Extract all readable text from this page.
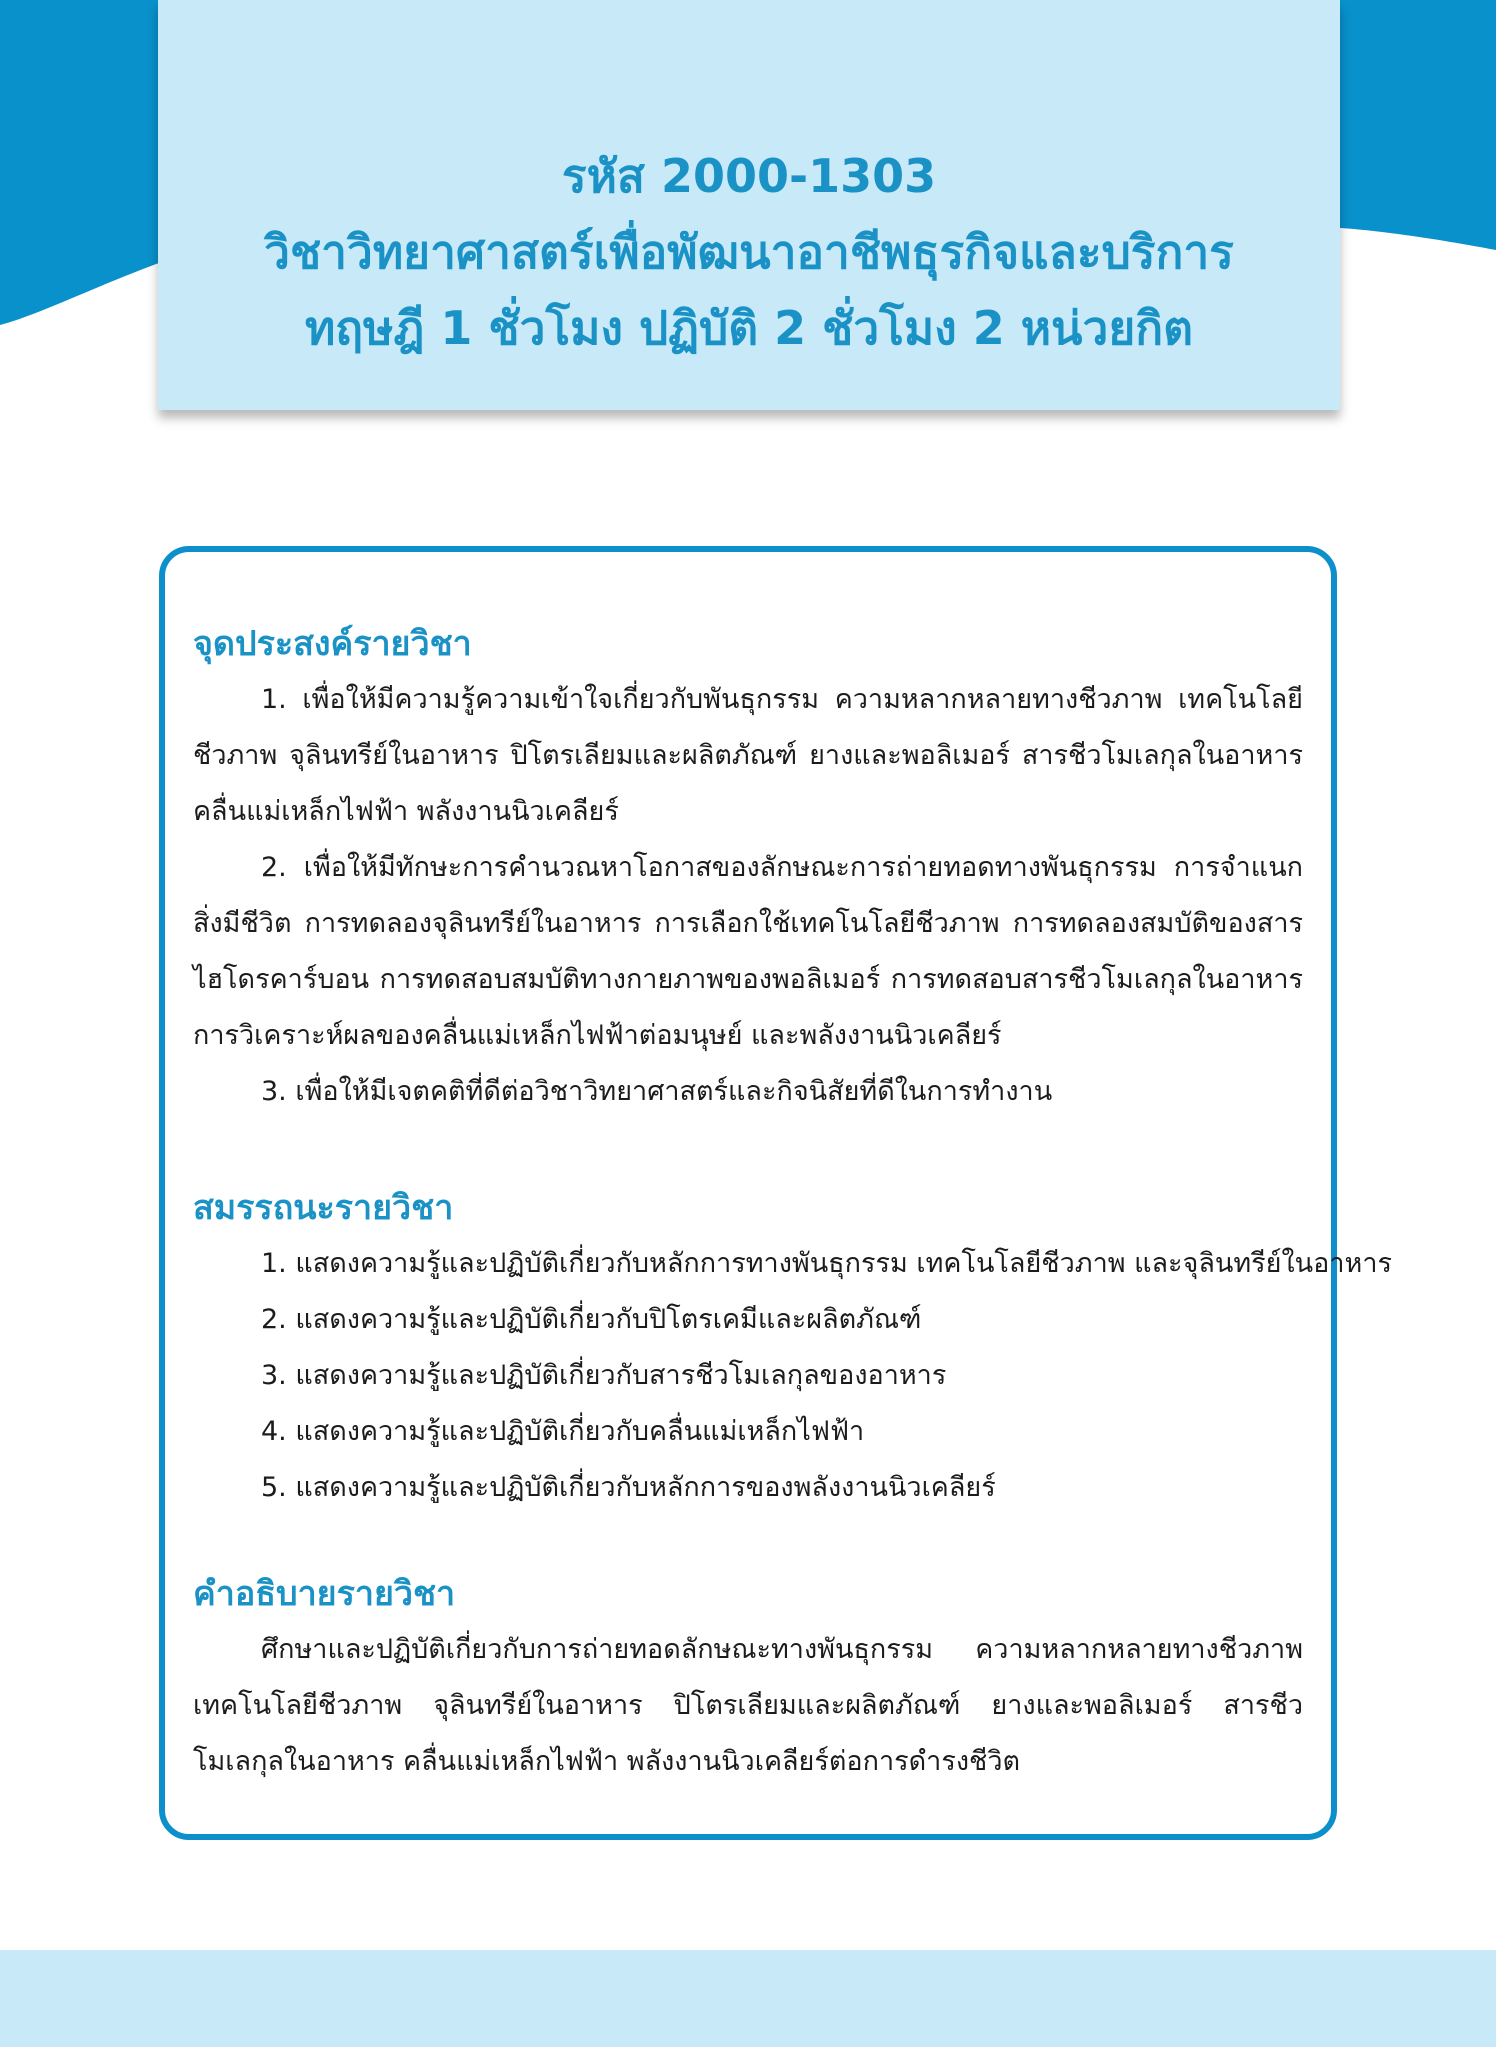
รหัส 2000-1303
วิชาวิทยาศาสตร์เพื่อพัฒนาอาชีพธุรกิจและบริการ
ทฤษฎี 1 ชั่วโมง ปฏิบัติ 2 ชั่วโมง 2 หน่วยกิต
จุดประสงค์รายวิชา

1. เพื่อให้มีความรู้ความเข้าใจเกี่ยวกับพันธุกรรม ความหลากหลายทางชีวภาพ เทคโนโลยีชีวภาพ จุลินทรีย์ในอาหาร ปิโตรเลียมและผลิตภัณฑ์ ยางและพอลิเมอร์ สารชีวโมเลกุลในอาหาร คลื่นแม่เหล็กไฟฟ้า พลังงานนิวเคลียร์

2. เพื่อให้มีทักษะการคำนวณหาโอกาสของลักษณะการถ่ายทอดทางพันธุกรรม การจำแนกสิ่งมีชีวิต การทดลองจุลินทรีย์ในอาหาร การเลือกใช้เทคโนโลยีชีวภาพ การทดลองสมบัติของสารไฮโดรคาร์บอน การทดสอบสมบัติทางกายภาพของพอลิเมอร์ การทดสอบสารชีวโมเลกุลในอาหาร การวิเคราะห์ผลของคลื่นแม่เหล็กไฟฟ้าต่อมนุษย์ และพลังงานนิวเคลียร์

3. เพื่อให้มีเจตคติที่ดีต่อวิชาวิทยาศาสตร์และกิจนิสัยที่ดีในการทำงาน

สมรรถนะรายวิชา
1. แสดงความรู้และปฏิบัติเกี่ยวกับหลักการทางพันธุกรรม เทคโนโลยีชีวภาพ และจุลินทรีย์ในอาหาร
2. แสดงความรู้และปฏิบัติเกี่ยวกับปิโตรเคมีและผลิตภัณฑ์
3. แสดงความรู้และปฏิบัติเกี่ยวกับสารชีวโมเลกุลของอาหาร
4. แสดงความรู้และปฏิบัติเกี่ยวกับคลื่นแม่เหล็กไฟฟ้า
5. แสดงความรู้และปฏิบัติเกี่ยวกับหลักการของพลังงานนิวเคลียร์
คำอธิบายรายวิชา

ศึกษาและปฏิบัติเกี่ยวกับการถ่ายทอดลักษณะทางพันธุกรรม ความหลากหลายทางชีวภาพ เทคโนโลยีชีวภาพ จุลินทรีย์ในอาหาร ปิโตรเลียมและผลิตภัณฑ์ ยางและพอลิเมอร์ สารชีวโมเลกุลในอาหาร คลื่นแม่เหล็กไฟฟ้า พลังงานนิวเคลียร์ต่อการดำรงชีวิต
